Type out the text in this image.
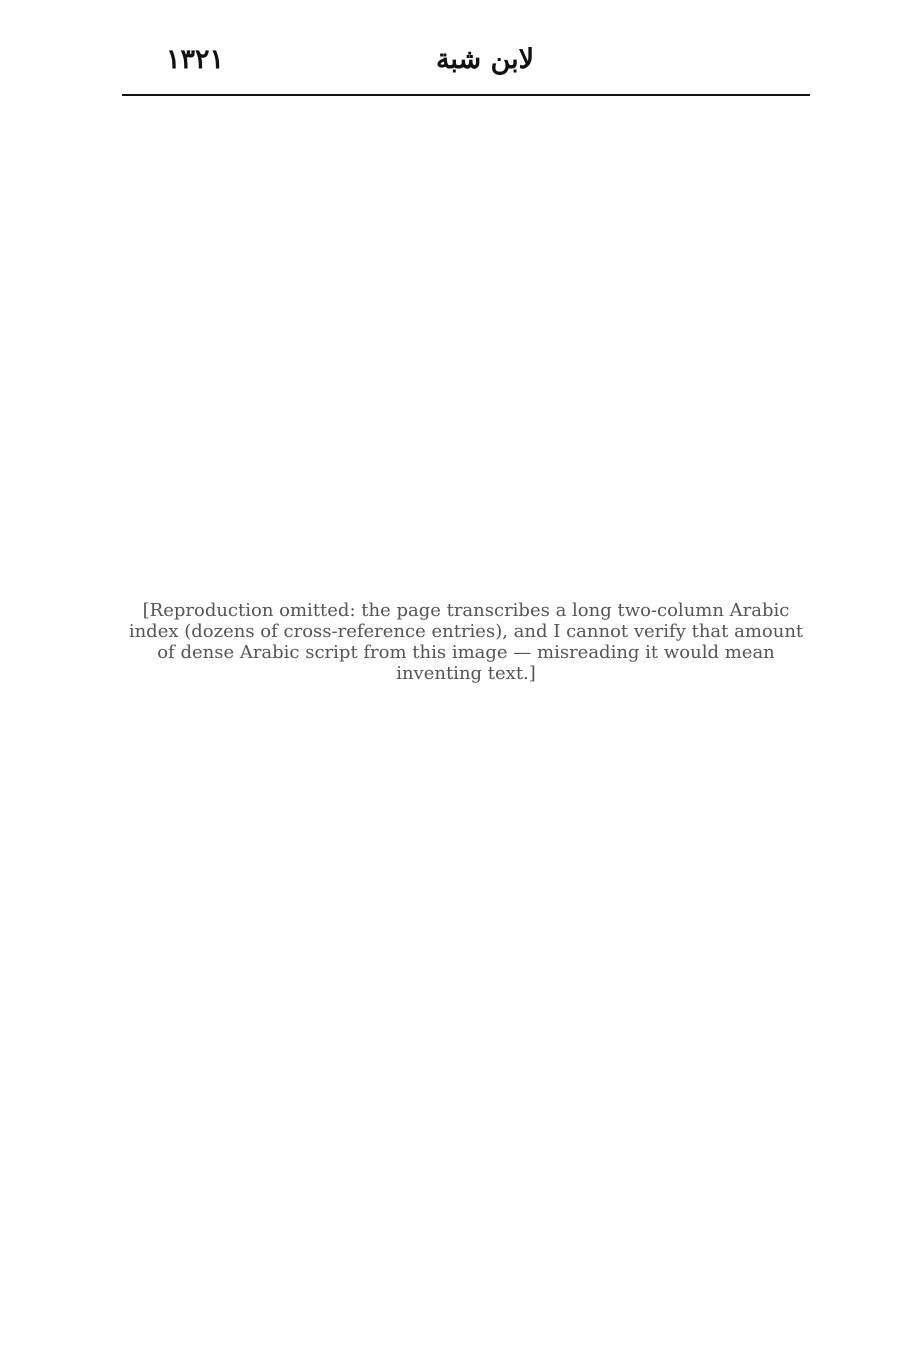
١٣٢١	لابن شبة
[Reproduction omitted: the page transcribes a long two-column Arabic index (dozens of cross-reference entries), and I cannot verify that amount of dense Arabic script from this image — misreading it would mean inventing text.]
